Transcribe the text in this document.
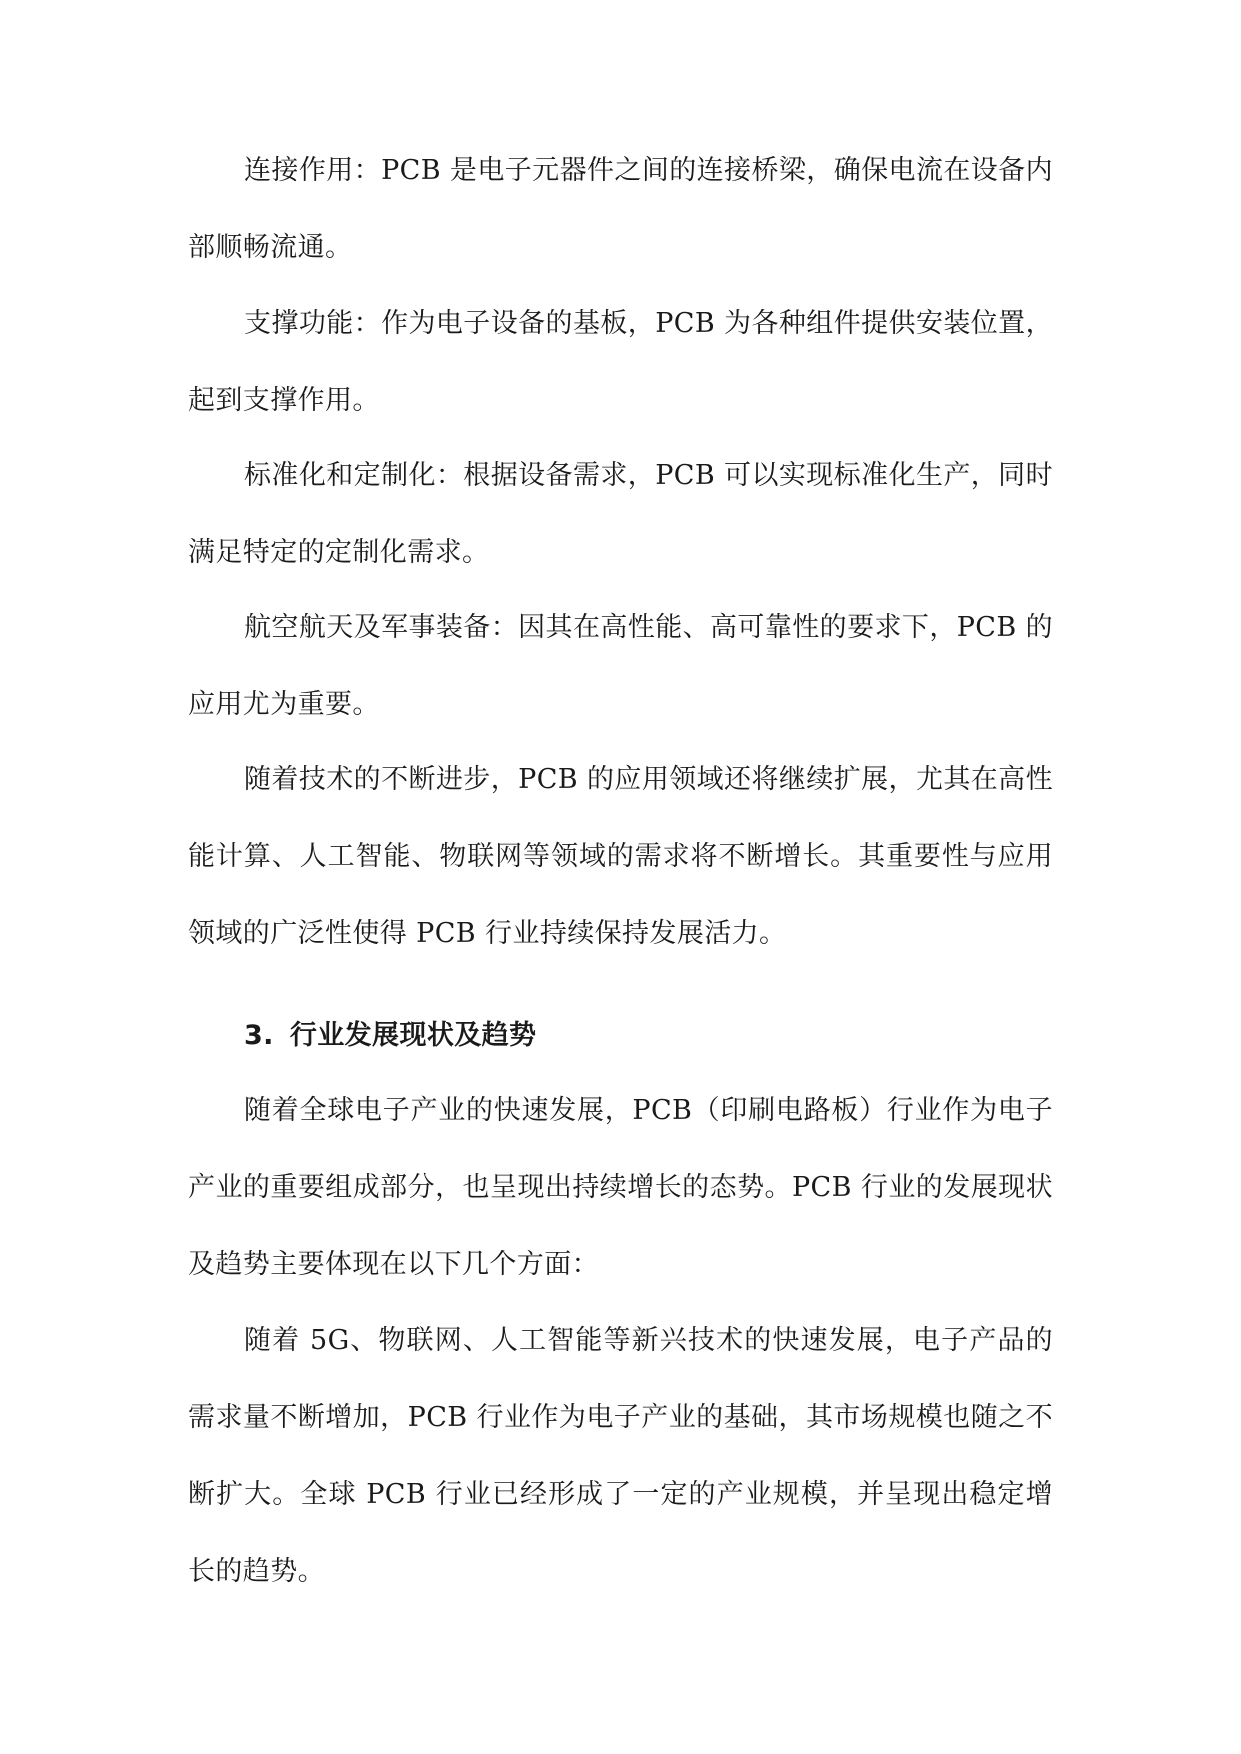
连接作用：PCB 是电子元器件之间的连接桥梁，确保电流在设备内部顺畅流通。

支撑功能：作为电子设备的基板，PCB 为各种组件提供安装位置，起到支撑作用。

标准化和定制化：根据设备需求，PCB 可以实现标准化生产，同时满足特定的定制化需求。

航空航天及军事装备：因其在高性能、高可靠性的要求下，PCB 的应用尤为重要。

随着技术的不断进步，PCB 的应用领域还将继续扩展，尤其在高性能计算、人工智能、物联网等领域的需求将不断增长。其重要性与应用领域的广泛性使得 PCB 行业持续保持发展活力。

3. 行业发展现状及趋势

随着全球电子产业的快速发展，PCB（印刷电路板）行业作为电子产业的重要组成部分，也呈现出持续增长的态势。PCB 行业的发展现状及趋势主要体现在以下几个方面：

随着 5G、物联网、人工智能等新兴技术的快速发展，电子产品的需求量不断增加，PCB 行业作为电子产业的基础，其市场规模也随之不断扩大。全球 PCB 行业已经形成了一定的产业规模，并呈现出稳定增长的趋势。
